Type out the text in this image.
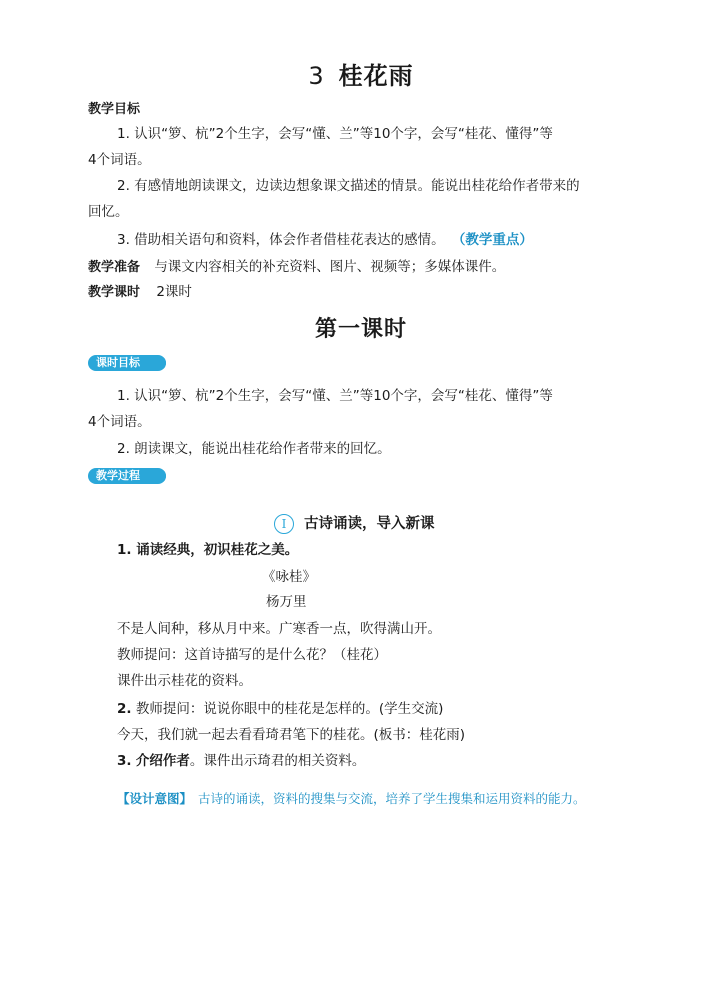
3 桂花雨
教学目标
1. 认识“箩、杭”2个生字，会写“懂、兰”等10个字，会写“桂花、懂得”等
4个词语。
2. 有感情地朗读课文，边读边想象课文描述的情景。能说出桂花给作者带来的
回忆。
3. 借助相关语句和资料，体会作者借桂花表达的感情。 （教学重点）
教学准备 与课文内容相关的补充资料、图片、视频等；多媒体课件。
教学课时 2课时
第一课时
课时目标
1. 认识“箩、杭”2个生字，会写“懂、兰”等10个字，会写“桂花、懂得”等
4个词语。
2. 朗读课文，能说出桂花给作者带来的回忆。
教学过程
I 古诗诵读，导入新课
1. 诵读经典，初识桂花之美。
《咏桂》
杨万里
不是人间种，移从月中来。广寒香一点，吹得满山开。
教师提问：这首诗描写的是什么花？（桂花）
课件出示桂花的资料。
2. 教师提问：说说你眼中的桂花是怎样的。(学生交流)
今天，我们就一起去看看琦君笔下的桂花。(板书：桂花雨)
3. 介绍作者。课件出示琦君的相关资料。
【设计意图】 古诗的诵读，资料的搜集与交流，培养了学生搜集和运用资料的能力。
